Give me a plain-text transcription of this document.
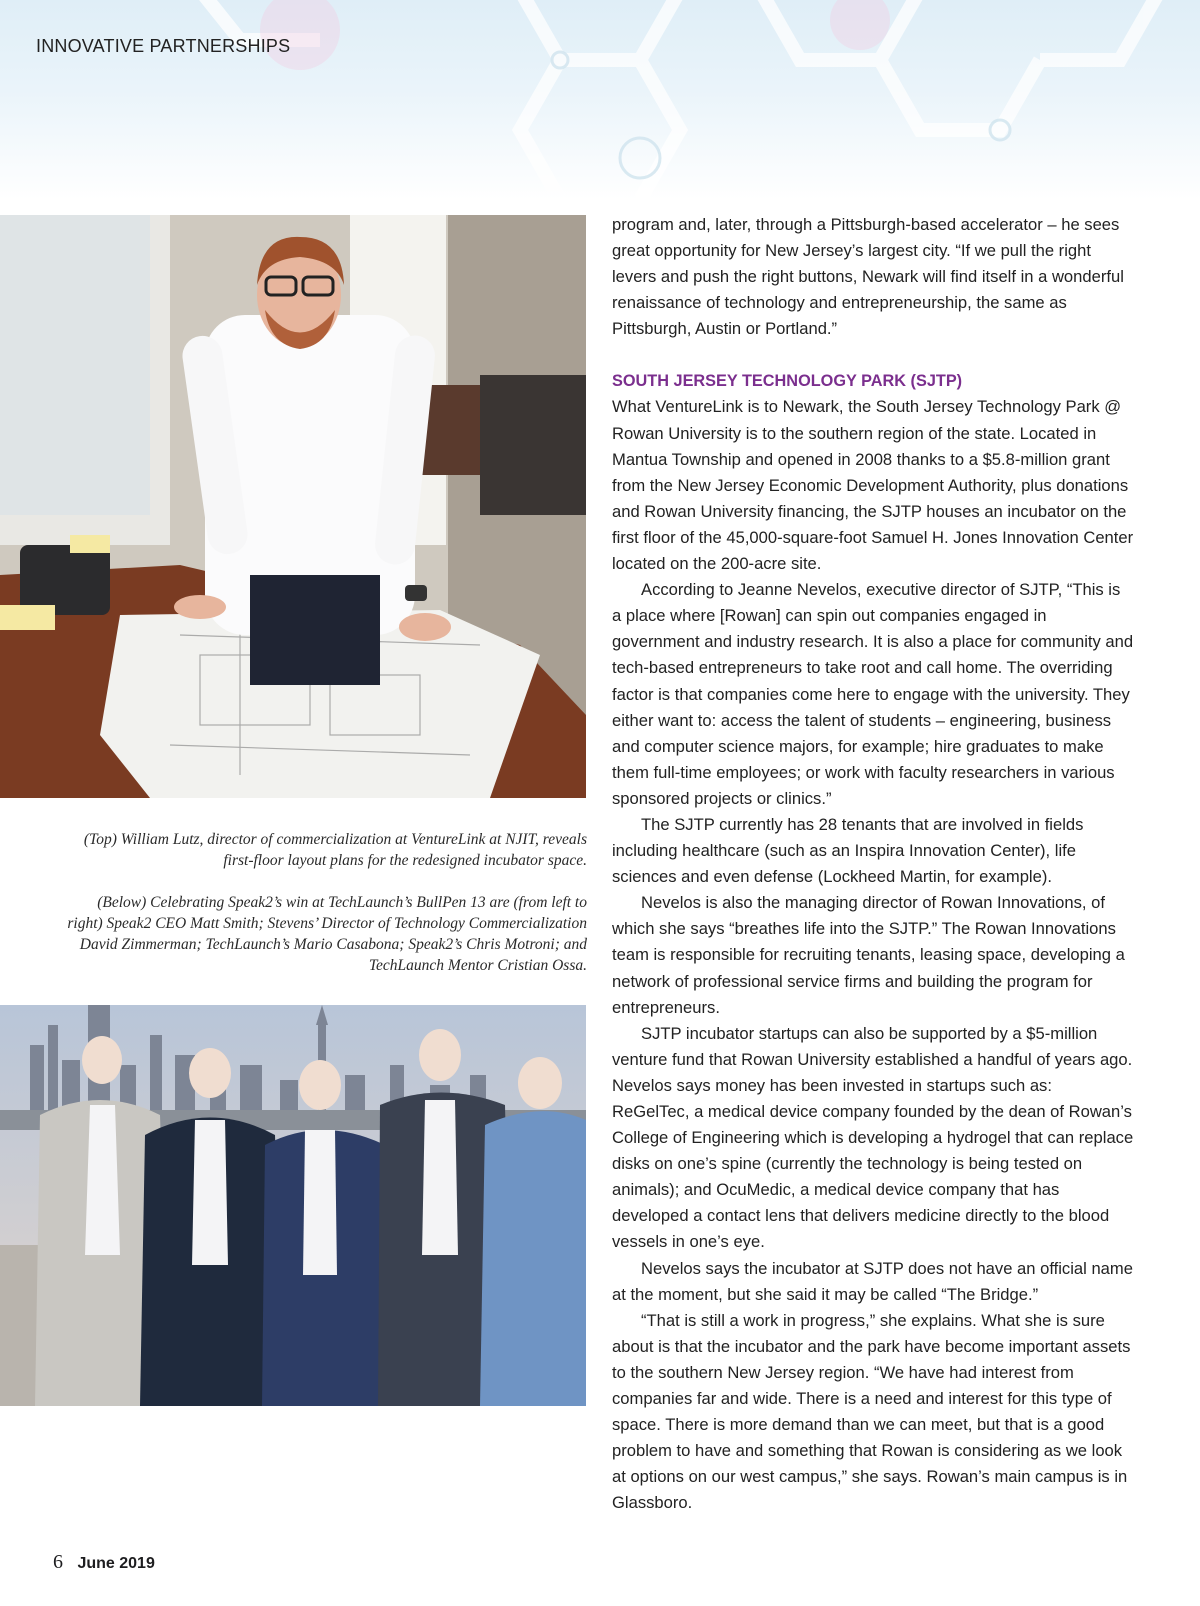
INNOVATIVE PARTNERSHIPS
(Top) William Lutz, director of commercialization at VentureLink at NJIT, reveals first-floor layout plans for the redesigned incubator space.
(Below) Celebrating Speak2’s win at TechLaunch’s BullPen 13 are (from left to right) Speak2 CEO Matt Smith; Stevens’ Director of Technology Commercialization David Zimmerman; TechLaunch’s Mario Casabona; Speak2’s Chris Motroni; and TechLaunch Mentor Cristian Ossa.

program and, later, through a Pittsburgh-based accelerator – he sees great opportunity for New Jersey’s largest city. “If we pull the right levers and push the right buttons, Newark will find itself in a wonderful renaissance of technology and entrepreneurship, the same as Pittsburgh, Austin or Portland.”

SOUTH JERSEY TECHNOLOGY PARK (SJTP)

What VentureLink is to Newark, the South Jersey Technology Park @ Rowan University is to the southern region of the state. Located in Mantua Township and opened in 2008 thanks to a $5.8-million grant from the New Jersey Economic Development Authority, plus donations and Rowan University financing, the SJTP houses an incubator on the first floor of the 45,000-square-foot Samuel H. Jones Innovation Center located on the 200-acre site.

According to Jeanne Nevelos, executive director of SJTP, “This is a place where [Rowan] can spin out companies engaged in government and industry research. It is also a place for community and tech-based entrepreneurs to take root and call home. The overriding factor is that companies come here to engage with the university. They either want to: access the talent of students – engineering, business and computer science majors, for example; hire graduates to make them full-time employees; or work with faculty researchers in various sponsored projects or clinics.”

The SJTP currently has 28 tenants that are involved in fields including healthcare (such as an Inspira Innovation Center), life sciences and even defense (Lockheed Martin, for example).

Nevelos is also the managing director of Rowan Innovations, of which she says “breathes life into the SJTP.” The Rowan Innovations team is responsible for recruiting tenants, leasing space, developing a network of professional service firms and building the program for entrepreneurs.

SJTP incubator startups can also be supported by a $5-million venture fund that Rowan University established a handful of years ago. Nevelos says money has been invested in startups such as: ReGelTec, a medical device company founded by the dean of Rowan’s College of Engineering which is developing a hydrogel that can replace disks on one’s spine (currently the technology is being tested on animals); and OcuMedic, a medical device company that has developed a contact lens that delivers medicine directly to the blood vessels in one’s eye.

Nevelos says the incubator at SJTP does not have an official name at the moment, but she said it may be called “The Bridge.”

“That is still a work in progress,” she explains. What she is sure about is that the incubator and the park have become important assets to the southern New Jersey region. “We have had interest from companies far and wide. There is a need and interest for this type of space. There is more demand than we can meet, but that is a good problem to have and something that Rowan is considering as we look at options on our west campus,” she says. Rowan’s main campus is in Glassboro.

6 June 2019
